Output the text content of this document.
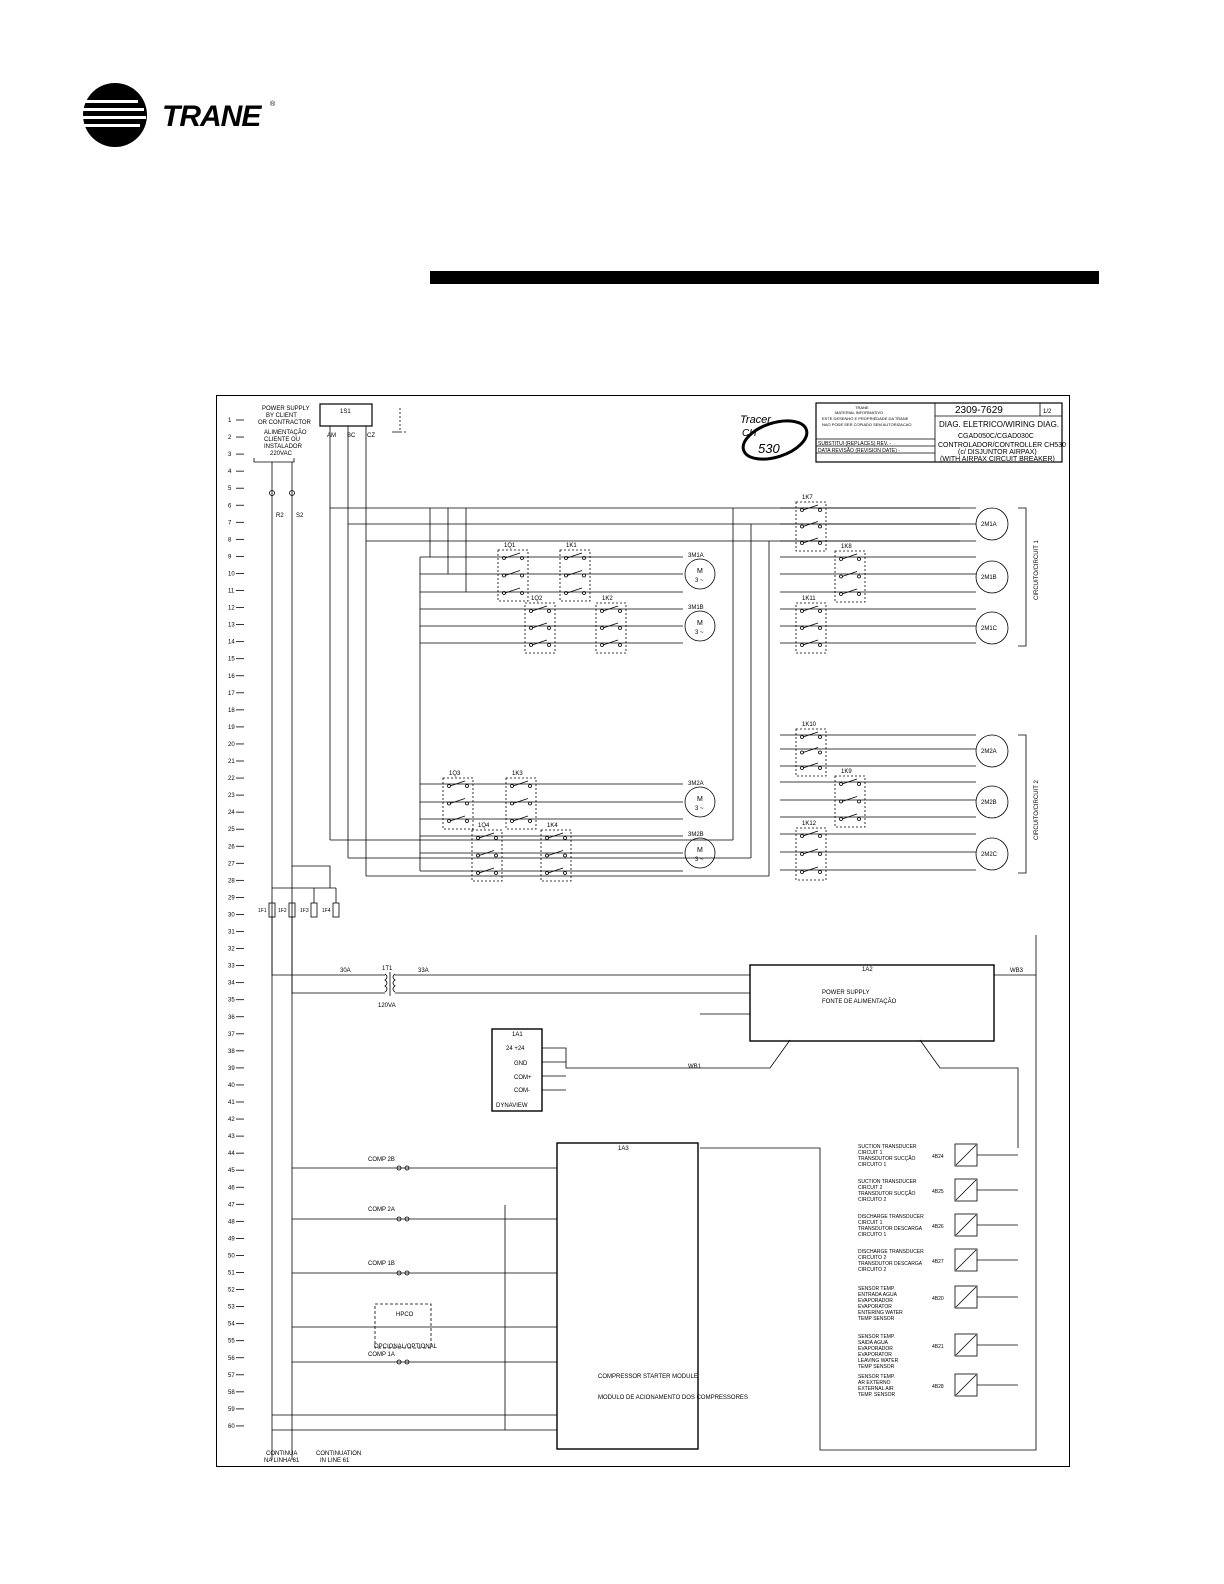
TRANE ®
1
2
3
4
5
6
7
8
9
10
11
12
13
14
15
16
17
18
19
20
21
22
23
24
25
26
27
28
29
30
31
32
33
34
35
36
37
38
39
40
41
42
43
44
45
46
47
48
49
50
51
52
53
54
55
56
57
58
59
60
2309-7629	1/2
DIAG. ELETRICO/WIRING DIAG.
CGAD050C/CGAD030C
CONTROLADOR/CONTROLLER CH530
(c/ DISJUNTOR AIRPAX)
(WITH AIRPAX CIRCUIT BREAKER)
TRANE
MATERIAL INFORMATIVO
ESTE DESENHO E PROPRIEDADE DA TRANE
NAO PODE SER COPIADO SEM AUTORIZACAO
SUBSTITUI (REPLACES) REV. -
DATA REVISÃO (REVISION DATE) -
Tracer
CH
530
POWER SUPPLY
BY CLIENT
OR CONTRACTOR
ALIMENTAÇÃO
CLIENTE OU
INSTALADOR
220VAC
R2 S2
1S1
AM BC CZ
1Q1	1K1
M
3 ~
3M1A
1Q2	1K2
M
3 ~
3M1B
1Q3	1K3
M
3 ~
3M2A
1Q4	1K4
M
3 ~
3M2B
1K7
2M1A
1K8
2M1B
1K11
2M1C
1K10
2M2A
1K9
2M2B
1K12
2M2C
1F1 1F2	1F3	1F4
CIRCUITO/CIRCUIT 1
CIRCUITO/CIRCUIT 2
1T1
120VA
30A	33A	1A2
POWER SUPPLY
FONTE DE ALIMENTAÇÃO
WB3
1A1
DYNAVIEW
24 +24
GND
COM+
COM-
WB1
1A3
COMPRESSOR STARTER MODULE
MODULO DE ACIONAMENTO DOS COMPRESSORES
COMP 2B
COMP 2A
COMP 1B
COMP 1A
HPCO
OPCIONAL/OPTIONAL
CONTINUA
NA LINHA 61
CONTINUATION
IN LINE 61
SUCTION TRANSDUCER
CIRCUIT 1
TRANSDUTOR SUCÇÃO
CIRCUITO 1
4B24
SUCTION TRANSDUCER
CIRCUIT 2
TRANSDUTOR SUCÇÃO
CIRCUITO 2
4B25
DISCHARGE TRANSDUCER
CIRCUIT 1
TRANSDUTOR DESCARGA
CIRCUITO 1
4B26
DISCHARGE TRANSDUCER
CIRCUITO 2
TRANSDUTOR DESCARGA
CIRCUITO 2
4B27
SENSOR TEMP.
ENTRADA AGUA
EVAPORADOR
EVAPORATOR
ENTERING WATER
TEMP SENSOR
4B20
SENSOR TEMP.
SAIDA AGUA
EVAPORADOR
EVAPORATOR
LEAVING WATER
TEMP SENSOR
4B21
SENSOR TEMP.
AR EXTERNO
EXTERNAL AIR
TEMP. SENSOR
4B28
